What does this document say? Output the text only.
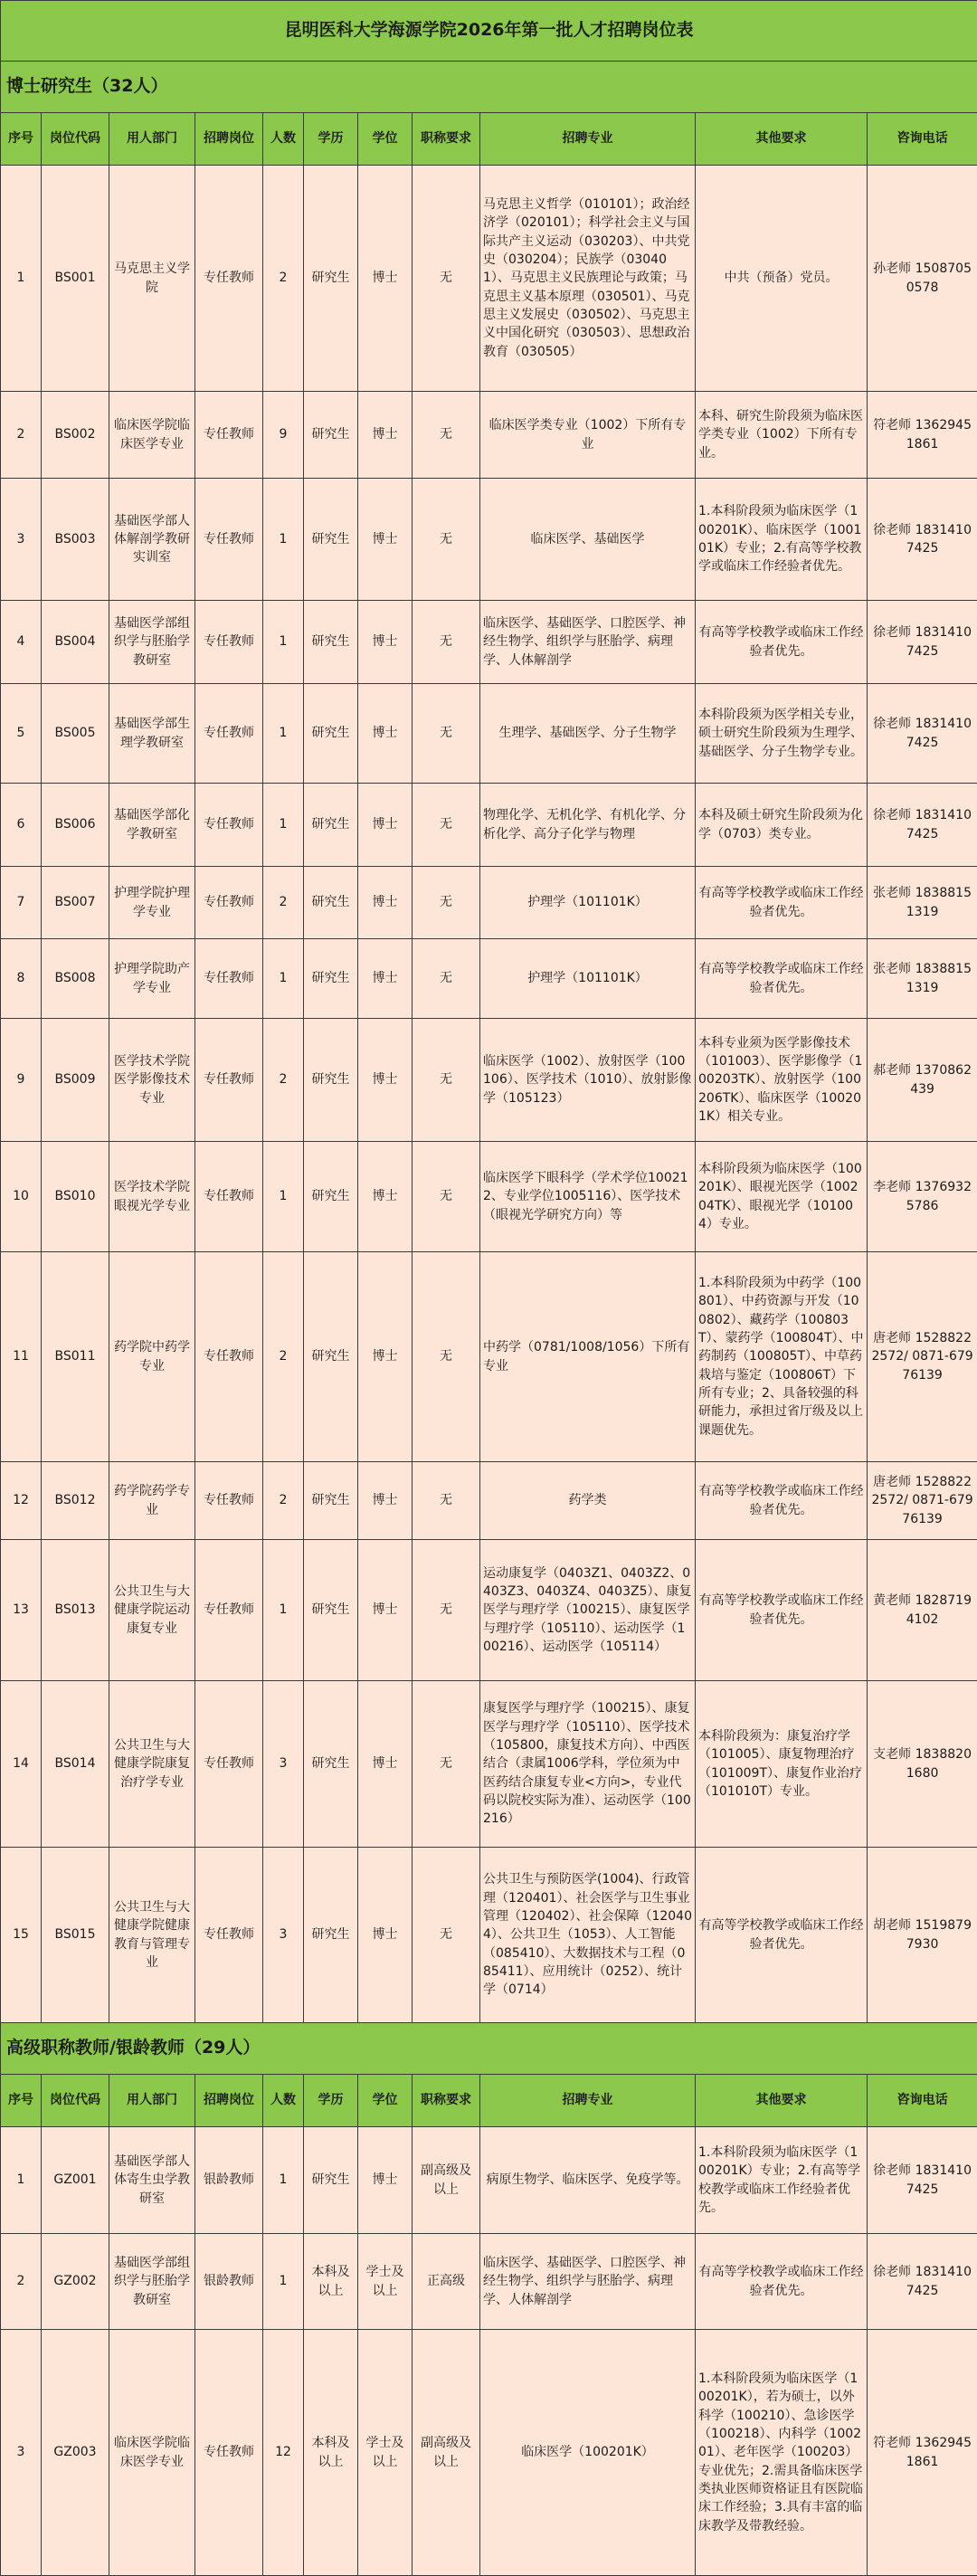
昆明医科大学海源学院2026年第一批人才招聘岗位表										
博士研究生（32人）										
序号	岗位代码	用人部门	招聘岗位	人数	学历	学位	职称要求	招聘专业	其他要求	咨询电话
1	BS001	马克思主义学院	专任教师	2	研究生	博士	无	马克思主义哲学（010101）；政治经济学（020101）；科学社会主义与国际共产主义运动（030203）、中共党史（030204）；民族学（030401）、马克思主义民族理论与政策；马克思主义基本原理（030501）、马克思主义发展史（030502）、马克思主义中国化研究（030503）、思想政治教育（030505）	中共（预备）党员。	孙老师 15087050578
2	BS002	临床医学院临床医学专业	专任教师	9	研究生	博士	无	临床医学类专业（1002）下所有专业	本科、研究生阶段须为临床医学类专业（1002）下所有专业。	符老师 13629451861
3	BS003	基础医学部人体解剖学教研实训室	专任教师	1	研究生	博士	无	临床医学、基础医学	1.本科阶段须为临床医学（100201K）、临床医学（100101K）专业；2.有高等学校教学或临床工作经验者优先。	徐老师 18314107425
4	BS004	基础医学部组织学与胚胎学教研室	专任教师	1	研究生	博士	无	临床医学、基础医学、口腔医学、神经生物学、组织学与胚胎学、病理学、人体解剖学	有高等学校教学或临床工作经验者优先。	徐老师 18314107425
5	BS005	基础医学部生理学教研室	专任教师	1	研究生	博士	无	生理学、基础医学、分子生物学	本科阶段须为医学相关专业，硕士研究生阶段须为生理学、基础医学、分子生物学专业。	徐老师 18314107425
6	BS006	基础医学部化学教研室	专任教师	1	研究生	博士	无	物理化学、无机化学、有机化学、分析化学、高分子化学与物理	本科及硕士研究生阶段须为化学（0703）类专业。	徐老师 18314107425
7	BS007	护理学院护理学专业	专任教师	2	研究生	博士	无	护理学（101101K）	有高等学校教学或临床工作经验者优先。	张老师 18388151319
8	BS008	护理学院助产学专业	专任教师	1	研究生	博士	无	护理学（101101K）	有高等学校教学或临床工作经验者优先。	张老师 18388151319
9	BS009	医学技术学院医学影像技术专业	专任教师	2	研究生	博士	无	临床医学（1002）、放射医学（100106）、医学技术（1010）、放射影像学（105123）	本科专业须为医学影像技术（101003）、医学影像学（100203TK）、放射医学（100206TK）、临床医学（100201K）相关专业。	郝老师 1370862439
10	BS010	医学技术学院眼视光学专业	专任教师	1	研究生	博士	无	临床医学下眼科学（学术学位100212、专业学位1005116）、医学技术（眼视光学研究方向）等	本科阶段须为临床医学（100201K）、眼视光医学（100204TK）、眼视光学（101004）专业。	李老师 13769325786
11	BS011	药学院中药学专业	专任教师	2	研究生	博士	无	中药学（0781/1008/1056）下所有专业	1.本科阶段须为中药学（100801）、中药资源与开发（100802）、藏药学（100803T）、蒙药学（100804T）、中药制药（100805T）、中草药栽培与鉴定（100806T）下所有专业；2、具备较强的科研能力，承担过省厅级及以上课题优先。	唐老师 15288222572/ 0871-67976139
12	BS012	药学院药学专业	专任教师	2	研究生	博士	无	药学类	有高等学校教学或临床工作经验者优先。	唐老师 15288222572/ 0871-67976139
13	BS013	公共卫生与大健康学院运动康复专业	专任教师	1	研究生	博士	无	运动康复学（0403Z1、0403Z2、0403Z3、0403Z4、0403Z5）、康复医学与理疗学（100215）、康复医学与理疗学（105110）、运动医学（100216）、运动医学（105114）	有高等学校教学或临床工作经验者优先。	黄老师 18287194102
14	BS014	公共卫生与大健康学院康复治疗学专业	专任教师	3	研究生	博士	无	康复医学与理疗学（100215）、康复医学与理疗学（105110）、医学技术（105800，康复技术方向）、中西医结合（隶属1006学科，学位须为中医药结合康复专业<方向>，专业代码以院校实际为准）、运动医学（100216）	本科阶段须为：康复治疗学（101005）、康复物理治疗（101009T）、康复作业治疗（101010T）专业。	支老师 18388201680
15	BS015	公共卫生与大健康学院健康教育与管理专业	专任教师	3	研究生	博士	无	公共卫生与预防医学(1004)、行政管理（120401）、社会医学与卫生事业管理（120402）、社会保障（120404）、公共卫生（1053）、人工智能（085410）、大数据技术与工程（085411）、应用统计（0252）、统计学（0714）	有高等学校教学或临床工作经验者优先。	胡老师 15198797930
高级职称教师/银龄教师（29人）										
序号	岗位代码	用人部门	招聘岗位	人数	学历	学位	职称要求	招聘专业	其他要求	咨询电话
1	GZ001	基础医学部人体寄生虫学教研室	银龄教师	1	研究生	博士	副高级及以上	病原生物学、临床医学、免疫学等。	1.本科阶段须为临床医学（100201K）专业；2.有高等学校教学或临床工作经验者优先。	徐老师 18314107425
2	GZ002	基础医学部组织学与胚胎学教研室	银龄教师	1	本科及以上	学士及以上	正高级	临床医学、基础医学、口腔医学、神经生物学、组织学与胚胎学、病理学、人体解剖学	有高等学校教学或临床工作经验者优先。	徐老师 18314107425
3	GZ003	临床医学院临床医学专业	专任教师	12	本科及以上	学士及以上	副高级及以上	临床医学（100201K）	1.本科阶段须为临床医学（100201K），若为硕士，以外科学（100210）、急诊医学（100218）、内科学（100201）、老年医学（100203）专业优先；2.需具备临床医学类执业医师资格证且有医院临床工作经验；3.具有丰富的临床教学及带教经验。	符老师 13629451861
